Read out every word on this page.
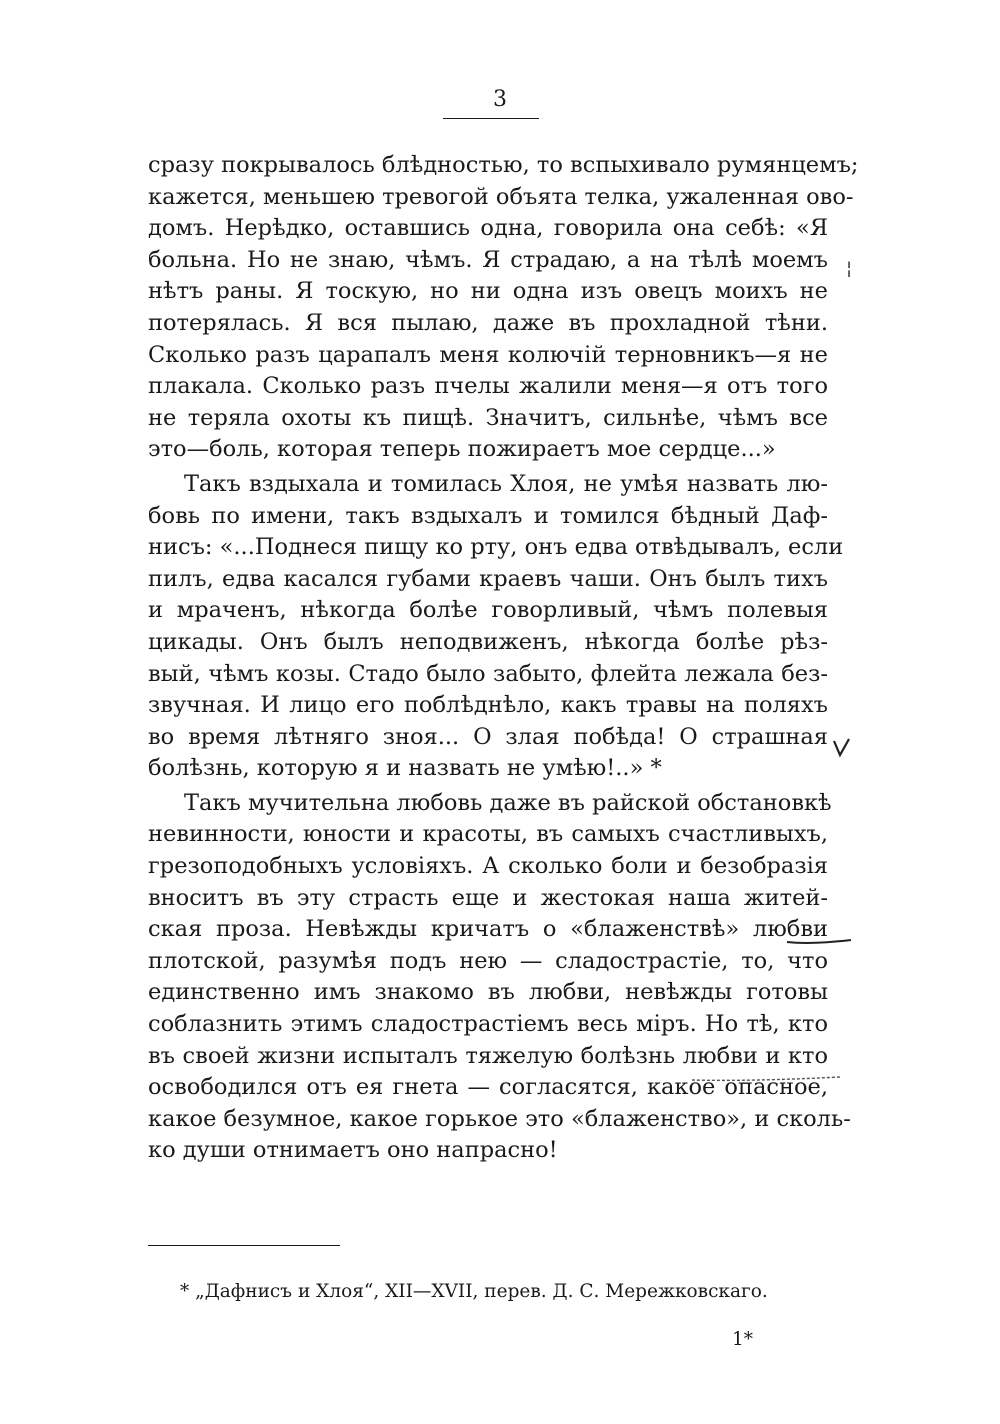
3
сразу покрывалось блѣдностью, то вспыхивало румянцемъ;
кажется, меньшею тревогой объята телка, ужаленная ово-
домъ. Нерѣдко, оставшись одна, говорила она себѣ: «Я
больна. Но не знаю, чѣмъ. Я страдаю, а на тѣлѣ моемъ
нѣтъ раны. Я тоскую, но ни одна изъ овецъ моихъ не
потерялась. Я вся пылаю, даже въ прохладной тѣни.
Сколько разъ царапалъ меня колючій терновникъ—я не
плакала. Сколько разъ пчелы жалили меня—я отъ того
не теряла охоты къ пищѣ. Значитъ, сильнѣе, чѣмъ все
это—боль, которая теперь пожираетъ мое сердце...»
Такъ вздыхала и томилась Хлоя, не умѣя назвать лю-
бовь по имени, такъ вздыхалъ и томился бѣдный Даф-
нисъ: «...Поднеся пищу ко рту, онъ едва отвѣдывалъ, если
пилъ, едва касался губами краевъ чаши. Онъ былъ тихъ
и мраченъ, нѣкогда болѣе говорливый, чѣмъ полевыя
цикады. Онъ былъ неподвиженъ, нѣкогда болѣе рѣз-
вый, чѣмъ козы. Стадо было забыто, флейта лежала без-
звучная. И лицо его поблѣднѣло, какъ травы на поляхъ
во время лѣтняго зноя... О злая побѣда! О страшная
болѣзнь, которую я и назвать не умѣю!..» *
Такъ мучительна любовь даже въ райской обстановкѣ
невинности, юности и красоты, въ самыхъ счастливыхъ,
грезоподобныхъ условіяхъ. А сколько боли и безобразія
вноситъ въ эту страсть еще и жестокая наша житей-
ская проза. Невѣжды кричатъ о «блаженствѣ» любви
плотской, разумѣя подъ нею — сладострастіе, то, что
единственно имъ знакомо въ любви, невѣжды готовы
соблазнить этимъ сладострастіемъ весь міръ. Но тѣ, кто
въ своей жизни испыталъ тяжелую болѣзнь любви и кто
освободился отъ ея гнета — согласятся, какое опасное,
какое безумное, какое горькое это «блаженство», и сколь-
ко души отнимаетъ оно напрасно!
¦
* „Дафнисъ и Хлоя“, XII—XVII, перев. Д. С. Мережковскаго.
1*
